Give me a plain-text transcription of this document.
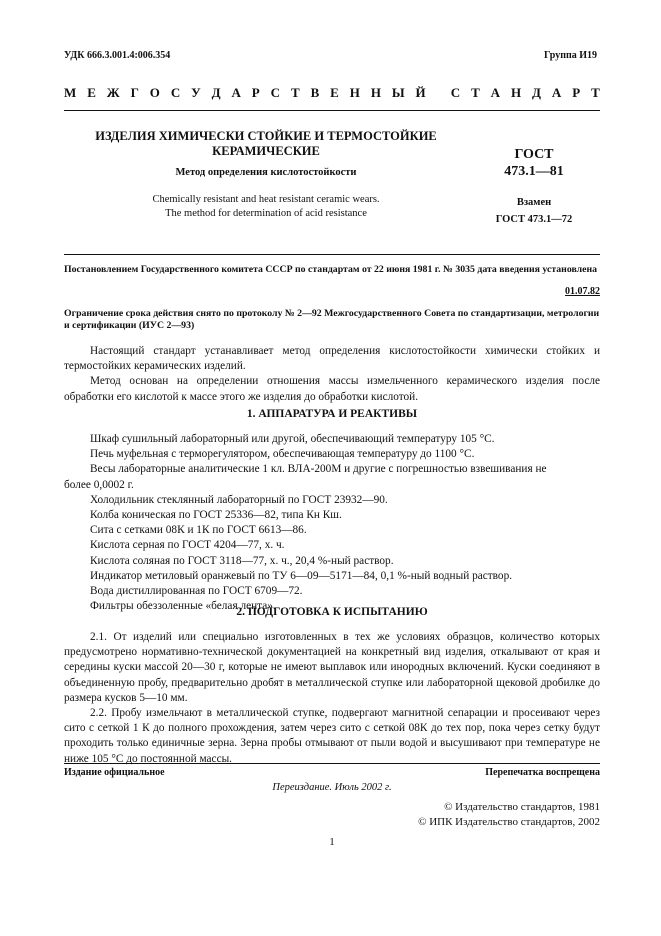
УДК 666.3.001.4:006.354	Группа И19
М Е Ж Г О С У Д А Р С Т В Е Н Н Ы Й
С Т А Н Д А Р Т
ИЗДЕЛИЯ ХИМИЧЕСКИ СТОЙКИЕ И ТЕРМОСТОЙКИЕ КЕРАМИЧЕСКИЕ
Метод определения кислотостойкости
Chemically resistant and heat resistant ceramic wears.
The method for determination of acid resistance
ГОСТ
473.1—81
Взамен
ГОСТ 473.1—72
Постановлением Государственного комитета СССР по стандартам от 22 июня 1981 г. № 3035 дата введения установлена
01.07.82
Ограничение срока действия снято по протоколу № 2—92 Межгосударственного Совета по стандартизации, метрологии и сертификации (ИУС 2—93)

Настоящий стандарт устанавливает метод определения кислотостойкости химически стойких и термостойких керамических изделий.

Метод основан на определении отношения массы измельченного керамического изделия после обработки его кислотой к массе этого же изделия до обработки кислотой.

1. АППАРАТУРА И РЕАКТИВЫ
Шкаф сушильный лабораторный или другой, обеспечивающий температуру 105 °С.
Печь муфельная с терморегулятором, обеспечивающая температуру до 1100 °С.
Весы лабораторные аналитические 1 кл. ВЛА-200М и другие с погрешностью взвешивания не
более 0,0002 г.
Холодильник стеклянный лабораторный по ГОСТ 23932—90.
Колба коническая по ГОСТ 25336—82, типа Кн Кш.
Сита с сетками 08К и 1К по ГОСТ 6613—86.
Кислота серная по ГОСТ 4204—77, х. ч.
Кислота соляная по ГОСТ 3118—77, х. ч., 20,4 %-ный раствор.
Индикатор метиловый оранжевый по ТУ 6—09—5171—84, 0,1 %-ный водный раствор.
Вода дистиллированная по ГОСТ 6709—72.
Фильтры обеззоленные «белая лента».
2. ПОДГОТОВКА К ИСПЫТАНИЮ

2.1. От изделий или специально изготовленных в тех же условиях образцов, количество которых предусмотрено нормативно-технической документацией на конкретный вид изделия, откалывают от края и середины куски массой 20—30 г, которые не имеют выплавок или инородных включений. Куски соединяют в объединенную пробу, предварительно дробят в металлической ступке или лабораторной щековой дробилке до размера кусков 5—10 мм.

2.2. Пробу измельчают в металлической ступке, подвергают магнитной сепарации и просеивают через сито с сеткой 1 К до полного прохождения, затем через сито с сеткой 08К до тех пор, пока через сетку будут проходить только единичные зерна. Зерна пробы отмывают от пыли водой и высушивают при температуре не ниже 105 °С до постоянной массы.

Издание официальное	Перепечатка воспрещена
Переиздание. Июль 2002 г.
© Издательство стандартов, 1981
© ИПК Издательство стандартов, 2002
1
